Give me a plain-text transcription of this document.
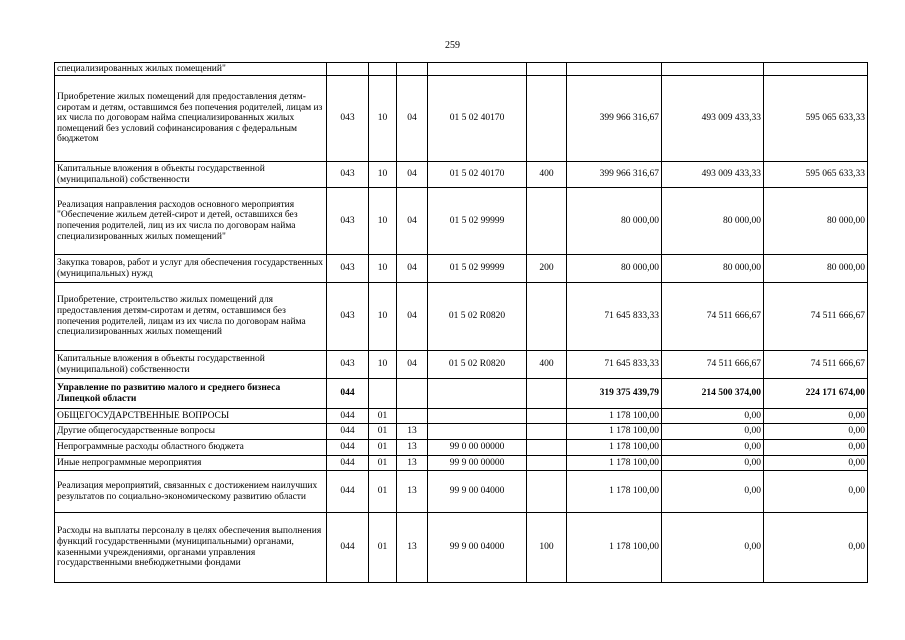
259
специализированных жилых помещений"								
Приобретение жилых помещений для предоставления детям-сиротам и детям, оставшимся без попечения родителей, лицам из их числа по договорам найма специализированных жилых помещений без условий софинансирования с федеральным бюджетом	043	10	04	01 5 02 40170		399 966 316,67	493 009 433,33	595 065 633,33
Капитальные вложения в объекты государственной (муниципальной) собственности	043	10	04	01 5 02 40170	400	399 966 316,67	493 009 433,33	595 065 633,33
Реализация направления расходов основного мероприятия "Обеспечение жильем детей-сирот и детей, оставшихся без попечения родителей, лиц из их числа по договорам найма специализированных жилых помещений"	043	10	04	01 5 02 99999		80 000,00	80 000,00	80 000,00
Закупка товаров, работ и услуг для обеспечения государственных (муниципальных) нужд	043	10	04	01 5 02 99999	200	80 000,00	80 000,00	80 000,00
Приобретение, строительство жилых помещений для предоставления детям-сиротам и детям, оставшимся без попечения родителей, лицам из их числа по договорам найма специализированных жилых помещений	043	10	04	01 5 02 R0820		71 645 833,33	74 511 666,67	74 511 666,67
Капитальные вложения в объекты государственной (муниципальной) собственности	043	10	04	01 5 02 R0820	400	71 645 833,33	74 511 666,67	74 511 666,67
Управление по развитию малого и среднего бизнеса Липецкой области	044					319 375 439,79	214 500 374,00	224 171 674,00
ОБЩЕГОСУДАРСТВЕННЫЕ ВОПРОСЫ	044	01				1 178 100,00	0,00	0,00
Другие общегосударственные вопросы	044	01	13			1 178 100,00	0,00	0,00
Непрограммные расходы областного бюджета	044	01	13	99 0 00 00000		1 178 100,00	0,00	0,00
Иные непрограммные мероприятия	044	01	13	99 9 00 00000		1 178 100,00	0,00	0,00
Реализация мероприятий, связанных с достижением наилучших результатов по социально-экономическому развитию области	044	01	13	99 9 00 04000		1 178 100,00	0,00	0,00
Расходы на выплаты персоналу в целях обеспечения выполнения функций государственными (муниципальными) органами, казенными учреждениями, органами управления государственными внебюджетными фондами	044	01	13	99 9 00 04000	100	1 178 100,00	0,00	0,00
